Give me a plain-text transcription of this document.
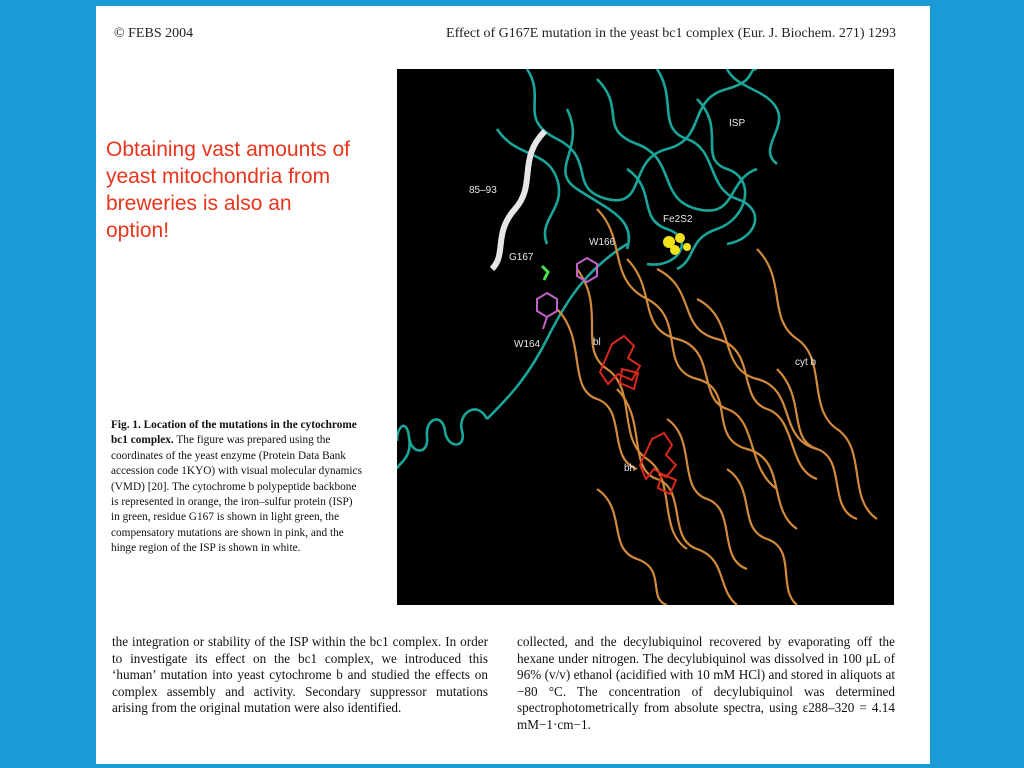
© FEBS 2004	Effect of G167E mutation in the yeast bc1 complex (Eur. J. Biochem. 271) 1293
Obtaining vast amounts of yeast mitochondria from breweries is also an option!
ISP
85–93
Fe2S2
W166
G167
W164	bl
bh
cyt b
Fig. 1. Location of the mutations in the cytochrome bc1 complex. The figure was prepared using the coordinates of the yeast enzyme (Protein Data Bank accession code 1KYO) with visual molecular dynamics (VMD) [20]. The cytochrome b polypeptide backbone is represented in orange, the iron–sulfur protein (ISP) in green, residue G167 is shown in light green, the compensatory mutations are shown in pink, and the hinge region of the ISP is shown in white.
the integration or stability of the ISP within the bc1 complex. In order to investigate its effect on the bc1 complex, we introduced this ‘human’ mutation into yeast cytochrome b and studied the effects on complex assembly and activity. Secondary suppressor mutations arising from the original mutation were also identified.
collected, and the decylubiquinol recovered by evaporating off the hexane under nitrogen. The decylubiquinol was dissolved in 100 μL of 96% (v/v) ethanol (acidified with 10 mM HCl) and stored in aliquots at −80 °C. The concentration of decylubiquinol was determined spectrophotometrically from absolute spectra, using ε288–320 = 4.14 mM−1·cm−1.
